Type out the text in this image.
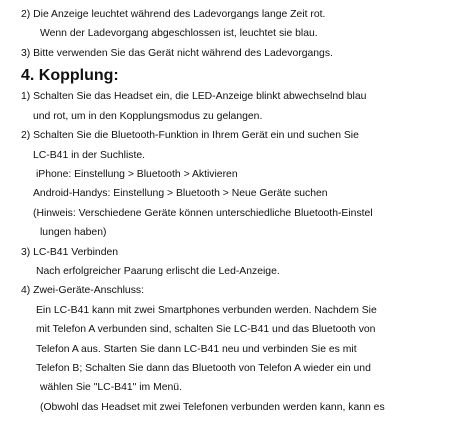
2) Die Anzeige leuchtet während des Ladevorgangs lange Zeit rot.
Wenn der Ladevorgang abgeschlossen ist, leuchtet sie blau.
3) Bitte verwenden Sie das Gerät nicht während des Ladevorgangs.
4. Kopplung:
1) Schalten Sie das Headset ein, die LED-Anzeige blinkt abwechselnd blau
und rot, um in den Kopplungsmodus zu gelangen.
2) Schalten Sie die Bluetooth-Funktion in Ihrem Gerät ein und suchen Sie
LC-B41 in der Suchliste.
iPhone: Einstellung > Bluetooth > Aktivieren
Android-Handys: Einstellung > Bluetooth > Neue Geräte suchen
(Hinweis: Verschiedene Geräte können unterschiedliche Bluetooth-Einstel
lungen haben)
3) LC-B41 Verbinden
Nach erfolgreicher Paarung erlischt die Led-Anzeige.
4) Zwei-Geräte-Anschluss:
Ein LC-B41 kann mit zwei Smartphones verbunden werden. Nachdem Sie
mit Telefon A verbunden sind, schalten Sie LC-B41 und das Bluetooth von
Telefon A aus. Starten Sie dann LC-B41 neu und verbinden Sie es mit
Telefon B; Schalten Sie dann das Bluetooth von Telefon A wieder ein und
wählen Sie "LC-B41" im Menü.
(Obwohl das Headset mit zwei Telefonen verbunden werden kann, kann es
